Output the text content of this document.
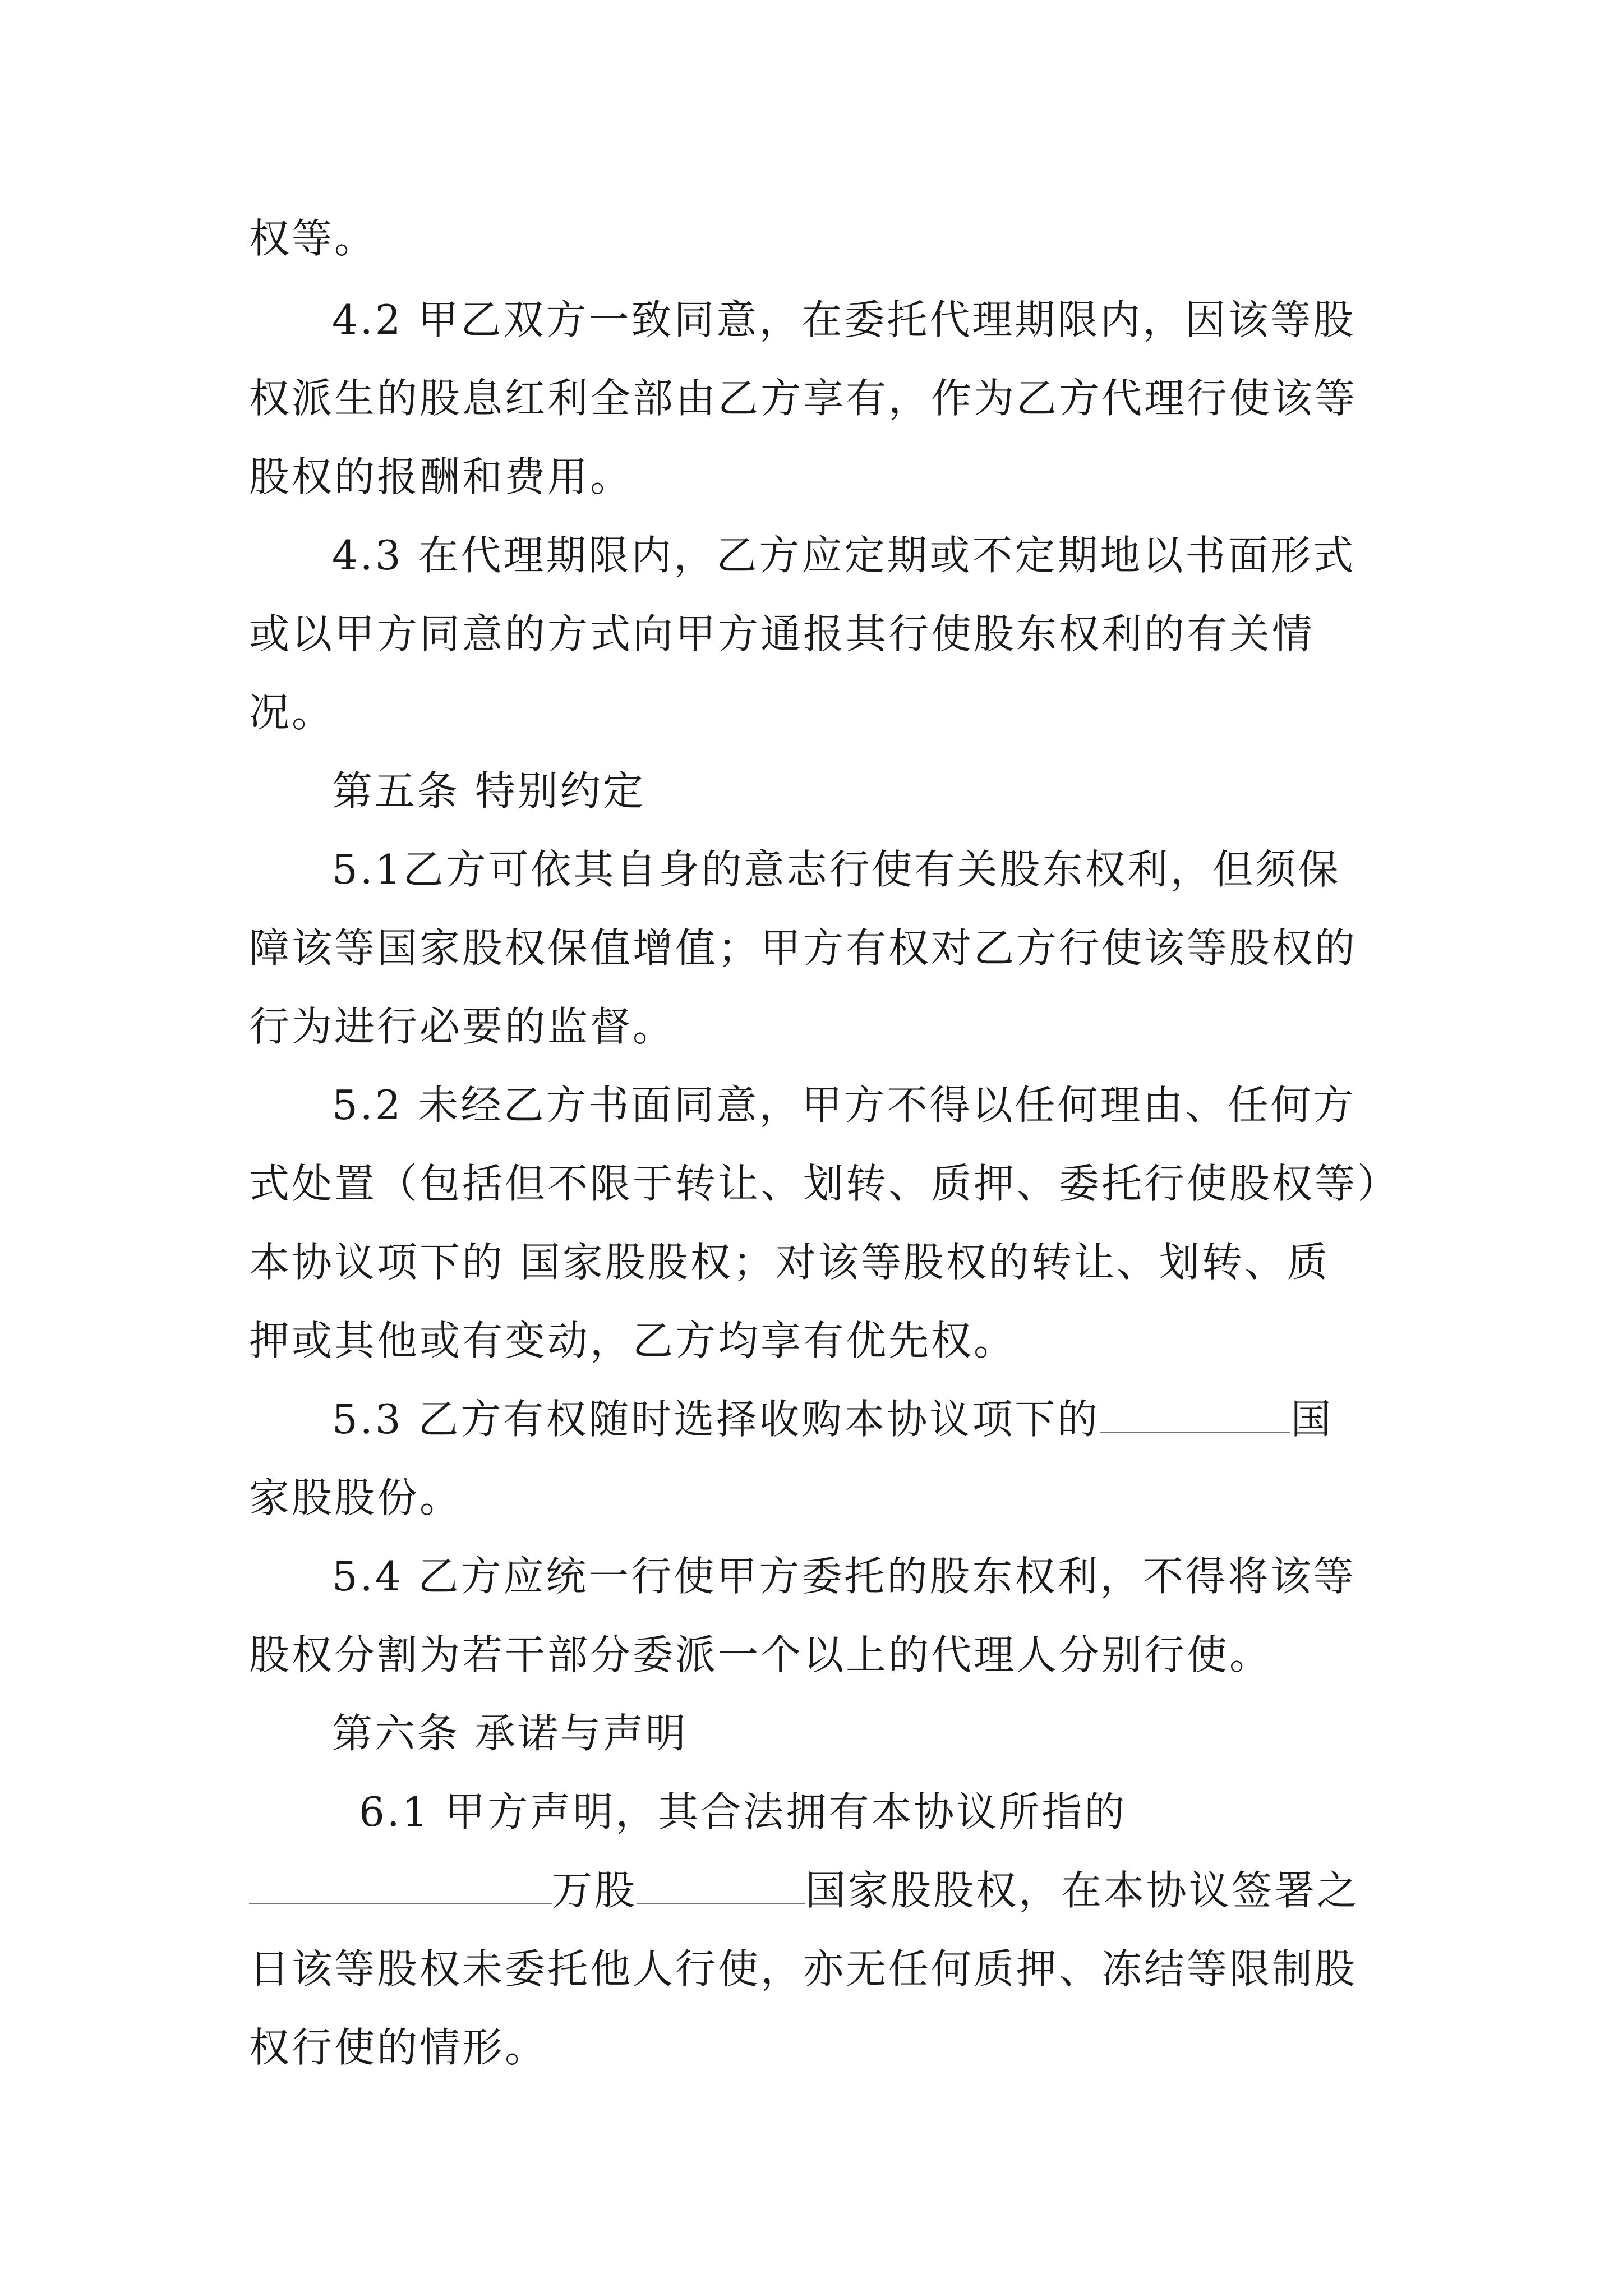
权等。
4.2 甲乙双方一致同意，在委托代理期限内，因该等股
权派生的股息红利全部由乙方享有，作为乙方代理行使该等
股权的报酬和费用。
4.3 在代理期限内，乙方应定期或不定期地以书面形式
或以甲方同意的方式向甲方通报其行使股东权利的有关情
况。
第五条 特别约定
5.1乙方可依其自身的意志行使有关股东权利，但须保
障该等国家股权保值增值；甲方有权对乙方行使该等股权的
行为进行必要的监督。
5.2 未经乙方书面同意，甲方不得以任何理由、任何方
式处置（包括但不限于转让、划转、质押、委托行使股权等）
本协议项下的 国家股股权；对该等股权的转让、划转、质
押或其他或有变动，乙方均享有优先权。
5.3 乙方有权随时选择收购本协议项下的	国
家股股份。
5.4 乙方应统一行使甲方委托的股东权利，不得将该等
股权分割为若干部分委派一个以上的代理人分别行使。
第六条 承诺与声明
6.1 甲方声明，其合法拥有本协议所指的
万股	国家股股权，在本协议签署之
日该等股权未委托他人行使，亦无任何质押、冻结等限制股
权行使的情形。
